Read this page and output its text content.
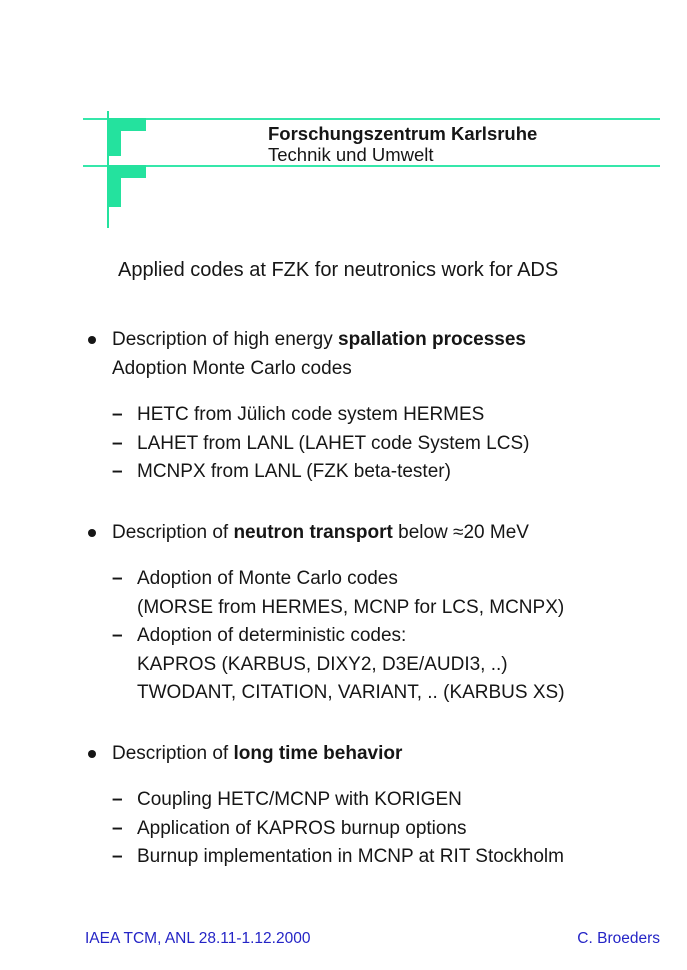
Forschungszentrum Karlsruhe
Technik und Umwelt
Applied codes at FZK for neutronics work for ADS
Description of high energy spallation processes
Adoption Monte Carlo codes
– HETC from Jülich code system HERMES
– LAHET from LANL (LAHET code System LCS)
– MCNPX from LANL (FZK beta-tester)
Description of neutron transport below ≈20 MeV
– Adoption of Monte Carlo codes
(MORSE from HERMES, MCNP for LCS, MCNPX)
– Adoption of deterministic codes:
KAPROS (KARBUS, DIXY2, D3E/AUDI3, ..)
TWODANT, CITATION, VARIANT, .. (KARBUS XS)
Description of long time behavior
– Coupling HETC/MCNP with KORIGEN
– Application of KAPROS burnup options
– Burnup implementation in MCNP at RIT Stockholm
IAEA TCM, ANL 28.11-1.12.2000	C. Broeders
